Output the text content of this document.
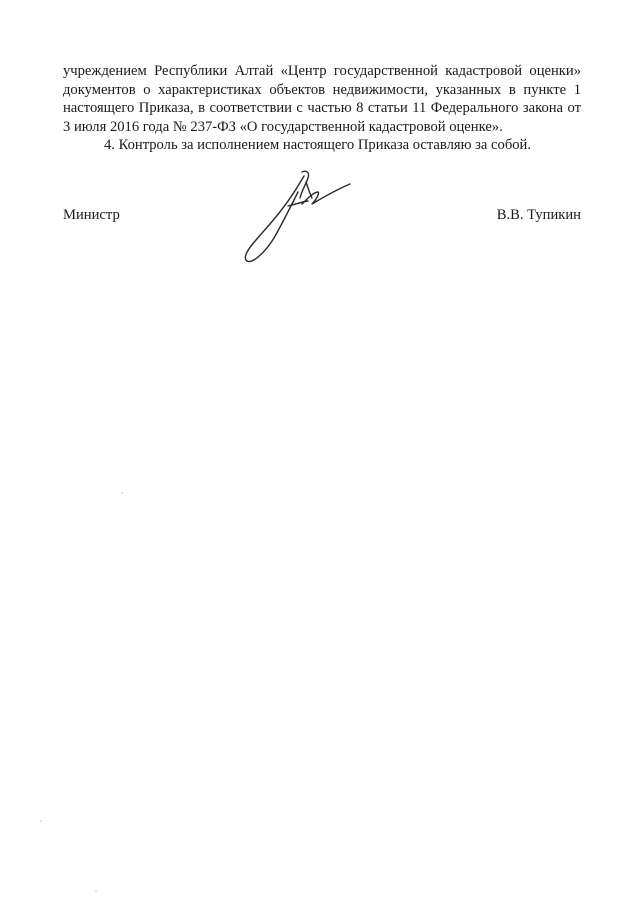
учреждением Республики Алтай «Центр государственной кадастровой оценки»
документов о характеристиках объектов недвижимости, указанных в пункте 1
настоящего Приказа, в соответствии с частью 8 статьи 11 Федерального закона от
3 июля 2016 года № 237-ФЗ «О государственной кадастровой оценке».
4. Контроль за исполнением настоящего Приказа оставляю за собой.
Министр	В.В. Тупикин
